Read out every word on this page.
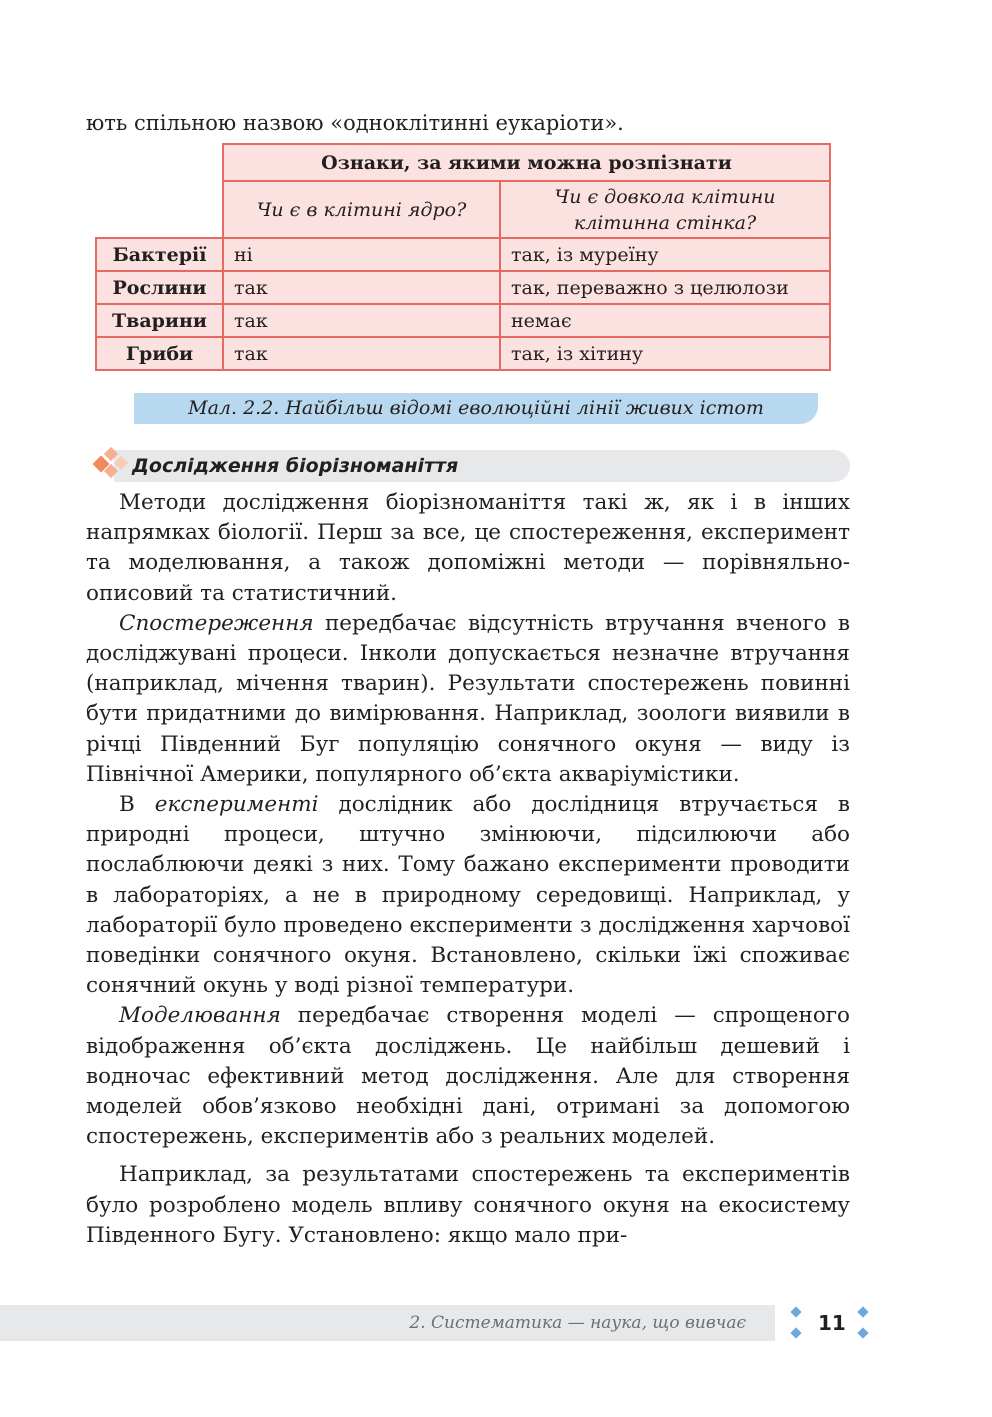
ють спільною назвою «одноклітинні еукаріоти».

	Ознаки, за якими можна розпізнати	
	Чи є в клітині ядро?	Чи є довкола клітини клітинна стінка?
Бактерії	ні	так, із муреїну
Рослини	так	так, переважно з целюлози
Тварини	так	немає
Гриби	так	так, із хітину
Мал. 2.2. Найбільш відомі еволюційні лінії живих істот
Дослідження біорізноманіття

Методи дослідження біорізноманіття такі ж, як і в інших напрямках біології. Перш за все, це спостереження, експеримент та моделювання, а також допоміжні методи — порівняльно-описовий та статистичний.

Спостереження передбачає відсутність втручання вченого в досліджувані процеси. Інколи допускається незначне втручання (наприклад, мічення тварин). Результати спостережень повинні бути придатними до вимірювання. Наприклад, зоологи виявили в річці Південний Буг популяцію сонячного окуня — виду із Північної Америки, популярного об’єкта акваріумістики.

В експерименті дослідник або дослідниця втручається в природні процеси, штучно змінюючи, підсилюючи або послаблюючи деякі з них. Тому бажано експерименти проводити в лабораторіях, а не в природному середовищі. Наприклад, у лабораторії було проведено експерименти з дослідження харчової поведінки сонячного окуня. Встановлено, скільки їжі споживає сонячний окунь у воді різної температури.

Моделювання передбачає створення моделі — спрощеного відображення об’єкта досліджень. Це найбільш дешевий і водночас ефективний метод дослідження. Але для створення моделей обов’язково необхідні дані, отримані за допомогою спостережень, експериментів або з реальних моделей.

Наприклад, за результатами спостережень та експериментів було розроблено модель впливу сонячного окуня на екосистему Південного Бугу. Установлено: якщо мало при-

2. Систематика — наука, що вивчає	11
